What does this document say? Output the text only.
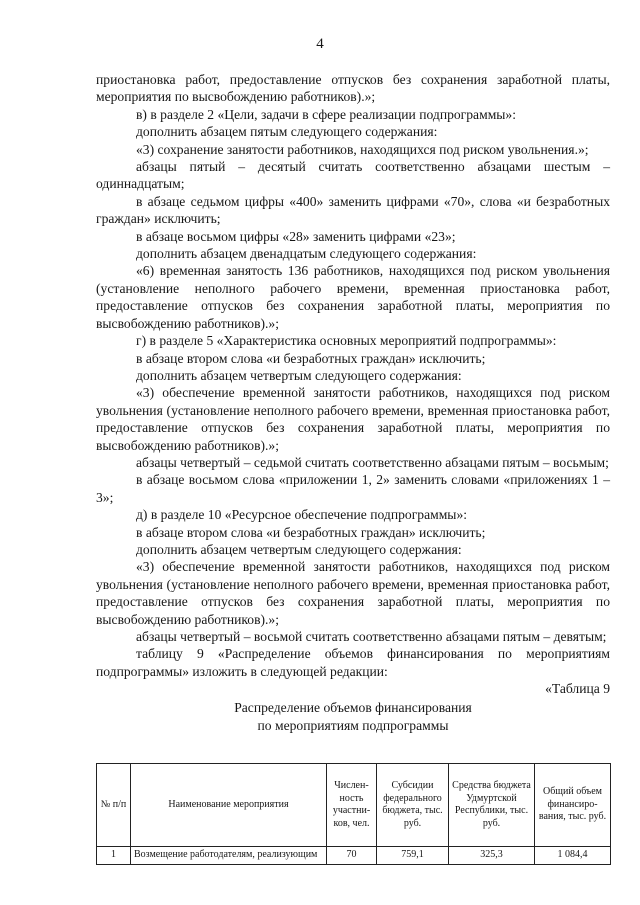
4

приостановка работ, предоставление отпусков без сохранения заработной платы, мероприятия по высвобождению работников).»;

в) в разделе 2 «Цели, задачи в сфере реализации подпрограммы»:

дополнить абзацем пятым следующего содержания:

«3) сохранение занятости работников, находящихся под риском увольнения.»;

абзацы пятый – десятый считать соответственно абзацами шестым – одиннадцатым;

в абзаце седьмом цифры «400» заменить цифрами «70», слова «и безработных граждан» исключить;

в абзаце восьмом цифры «28» заменить цифрами «23»;

дополнить абзацем двенадцатым следующего содержания:

«6) временная занятость 136 работников, находящихся под риском увольнения (установление неполного рабочего времени, временная приостановка работ, предоставление отпусков без сохранения заработной платы, мероприятия по высвобождению работников).»;

г) в разделе 5 «Характеристика основных мероприятий подпрограммы»:

в абзаце втором слова «и безработных граждан» исключить;

дополнить абзацем четвертым следующего содержания:

«3) обеспечение временной занятости работников, находящихся под риском увольнения (установление неполного рабочего времени, временная приостановка работ, предоставление отпусков без сохранения заработной платы, мероприятия по высвобождению работников).»;

абзацы четвертый – седьмой считать соответственно абзацами пятым – восьмым;

в абзаце восьмом слова «приложении 1, 2» заменить словами «приложениях 1 – 3»;

д) в разделе 10 «Ресурсное обеспечение подпрограммы»:

в абзаце втором слова «и безработных граждан» исключить;

дополнить абзацем четвертым следующего содержания:

«3) обеспечение временной занятости работников, находящихся под риском увольнения (установление неполного рабочего времени, временная приостановка работ, предоставление отпусков без сохранения заработной платы, мероприятия по высвобождению работников).»;

абзацы четвертый – восьмой считать соответственно абзацами пятым – девятым;

таблицу 9 «Распределение объемов финансирования по мероприятиям подпрограммы» изложить в следующей редакции:

«Таблица 9

Распределение объемов финансирования
по мероприятиям подпрограммы
№ п/п	Наименование мероприятия	Численность участников, чел.	Субсидии федерального бюджета, тыс. руб.	Средства бюджета Удмуртской Республики, тыс. руб.	Общий объем финансирования, тыс. руб.
1	Возмещение работодателям, реализующим	70	759,1	325,3	1 084,4
